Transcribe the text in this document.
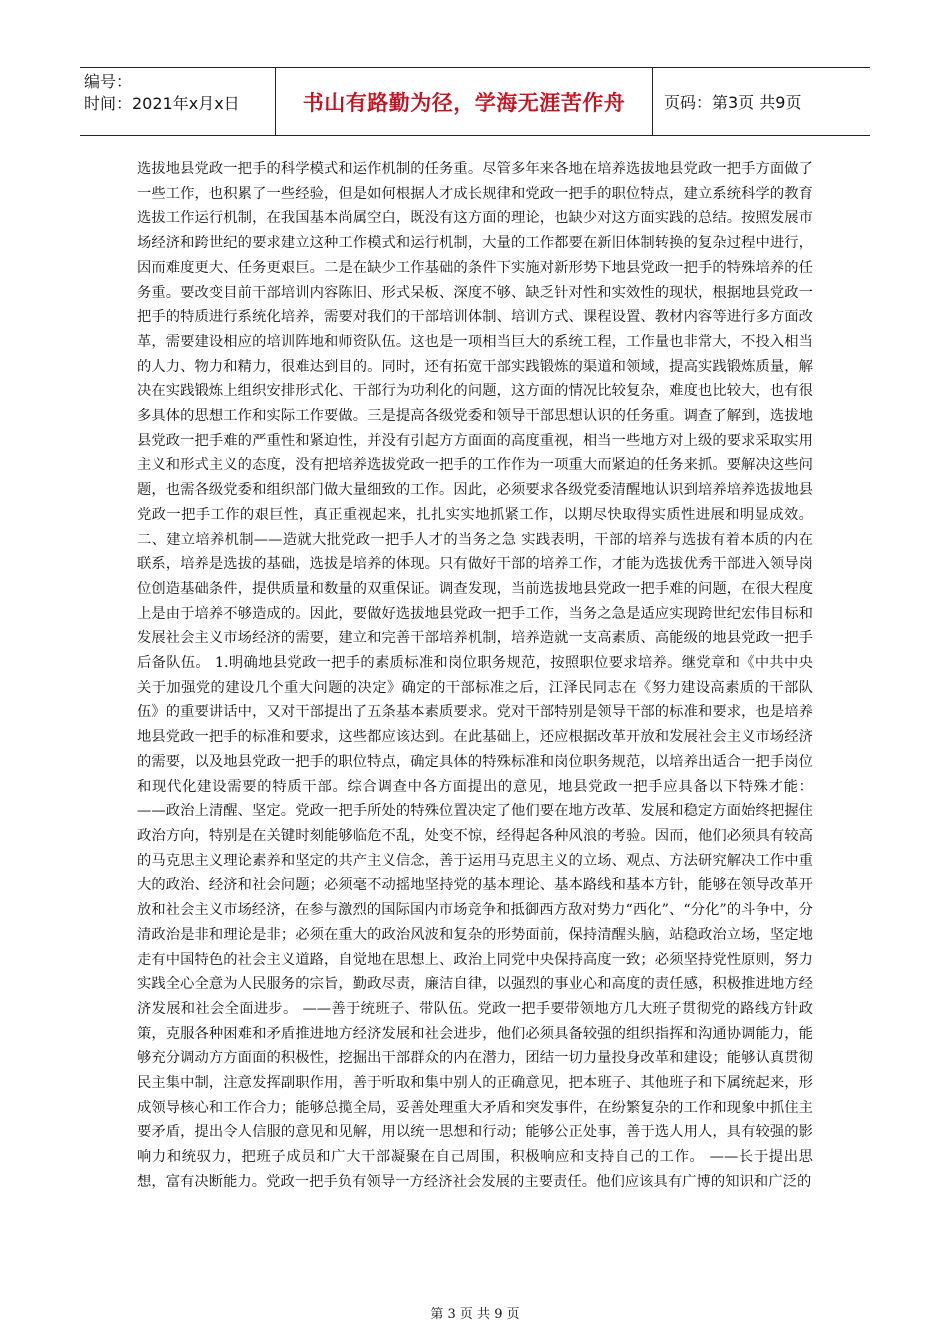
编号：
时间：2021年x月x日	书山有路勤为径，学海无涯苦作舟	页码：第3页 共9页

选拔地县党政一把手的科学模式和运作机制的任务重。尽管多年来各地在培养选拔地县党政一把手方面做了一些工作，也积累了一些经验，但是如何根据人才成长规律和党政一把手的职位特点，建立系统科学的教育选拔工作运行机制，在我国基本尚属空白，既没有这方面的理论，也缺少对这方面实践的总结。按照发展市场经济和跨世纪的要求建立这种工作模式和运行机制，大量的工作都要在新旧体制转换的复杂过程中进行，因而难度更大、任务更艰巨。二是在缺少工作基础的条件下实施对新形势下地县党政一把手的特殊培养的任务重。要改变目前干部培训内容陈旧、形式呆板、深度不够、缺乏针对性和实效性的现状，根据地县党政一把手的特质进行系统化培养，需要对我们的干部培训体制、培训方式、课程设置、教材内容等进行多方面改革，需要建设相应的培训阵地和师资队伍。这也是一项相当巨大的系统工程，工作量也非常大，不投入相当的人力、物力和精力，很难达到目的。同时，还有拓宽干部实践锻炼的渠道和领域，提高实践锻炼质量，解决在实践锻炼上组织安排形式化、干部行为功利化的问题，这方面的情况比较复杂，难度也比较大，也有很多具体的思想工作和实际工作要做。三是提高各级党委和领导干部思想认识的任务重。调查了解到，选拔地县党政一把手难的严重性和紧迫性，并没有引起方方面面的高度重视，相当一些地方对上级的要求采取实用主义和形式主义的态度，没有把培养选拔党政一把手的工作作为一项重大而紧迫的任务来抓。要解决这些问题，也需各级党委和组织部门做大量细致的工作。因此，必须要求各级党委清醒地认识到培养培养选拔地县党政一把手工作的艰巨性，真正重视起来，扎扎实实地抓紧工作，以期尽快取得实质性进展和明显成效。二、建立培养机制——造就大批党政一把手人才的当务之急 实践表明，干部的培养与选拔有着本质的内在联系，培养是选拔的基础，选拔是培养的体现。只有做好干部的培养工作，才能为选拔优秀干部进入领导岗位创造基础条件，提供质量和数量的双重保证。调查发现，当前选拔地县党政一把手难的问题，在很大程度上是由于培养不够造成的。因此，要做好选拔地县党政一把手工作，当务之急是适应实现跨世纪宏伟目标和发展社会主义市场经济的需要，建立和完善干部培养机制，培养造就一支高素质、高能级的地县党政一把手后备队伍。 1.明确地县党政一把手的素质标准和岗位职务规范，按照职位要求培养。继党章和《中共中央关于加强党的建设几个重大问题的决定》确定的干部标准之后，江泽民同志在《努力建设高素质的干部队伍》的重要讲话中，又对干部提出了五条基本素质要求。党对干部特别是领导干部的标准和要求，也是培养地县党政一把手的标准和要求，这些都应该达到。在此基础上，还应根据改革开放和发展社会主义市场经济的需要，以及地县党政一把手的职位特点，确定具体的特殊标准和岗位职务规范，以培养出适合一把手岗位和现代化建设需要的特质干部。综合调查中各方面提出的意见，地县党政一把手应具备以下特殊才能： ——政治上清醒、坚定。党政一把手所处的特殊位置决定了他们要在地方改革、发展和稳定方面始终把握住政治方向，特别是在关键时刻能够临危不乱，处变不惊，经得起各种风浪的考验。因而，他们必须具有较高的马克思主义理论素养和坚定的共产主义信念，善于运用马克思主义的立场、观点、方法研究解决工作中重大的政治、经济和社会问题；必须毫不动摇地坚持党的基本理论、基本路线和基本方针，能够在领导改革开放和社会主义市场经济，在参与激烈的国际国内市场竞争和抵御西方敌对势力“西化”、“分化”的斗争中，分清政治是非和理论是非；必须在重大的政治风波和复杂的形势面前，保持清醒头脑，站稳政治立场，坚定地走有中国特色的社会主义道路，自觉地在思想上、政治上同党中央保持高度一致；必须坚持党性原则，努力实践全心全意为人民服务的宗旨，勤政尽责，廉洁自律，以强烈的事业心和高度的责任感，积极推进地方经济发展和社会全面进步。 ——善于统班子、带队伍。党政一把手要带领地方几大班子贯彻党的路线方针政策，克服各种困难和矛盾推进地方经济发展和社会进步，他们必须具备较强的组织指挥和沟通协调能力，能够充分调动方方面面的积极性，挖掘出干部群众的内在潜力，团结一切力量投身改革和建设；能够认真贯彻民主集中制，注意发挥副职作用，善于听取和集中别人的正确意见，把本班子、其他班子和下属统起来，形成领导核心和工作合力；能够总揽全局，妥善处理重大矛盾和突发事件，在纷繁复杂的工作和现象中抓住主要矛盾，提出令人信服的意见和见解，用以统一思想和行动；能够公正处事，善于选人用人，具有较强的影响力和统驭力，把班子成员和广大干部凝聚在自己周围，积极响应和支持自己的工作。 ——长于提出思想，富有决断能力。党政一把手负有领导一方经济社会发展的主要责任。他们应该具有广博的知识和广泛的

第 3 页 共 9 页
